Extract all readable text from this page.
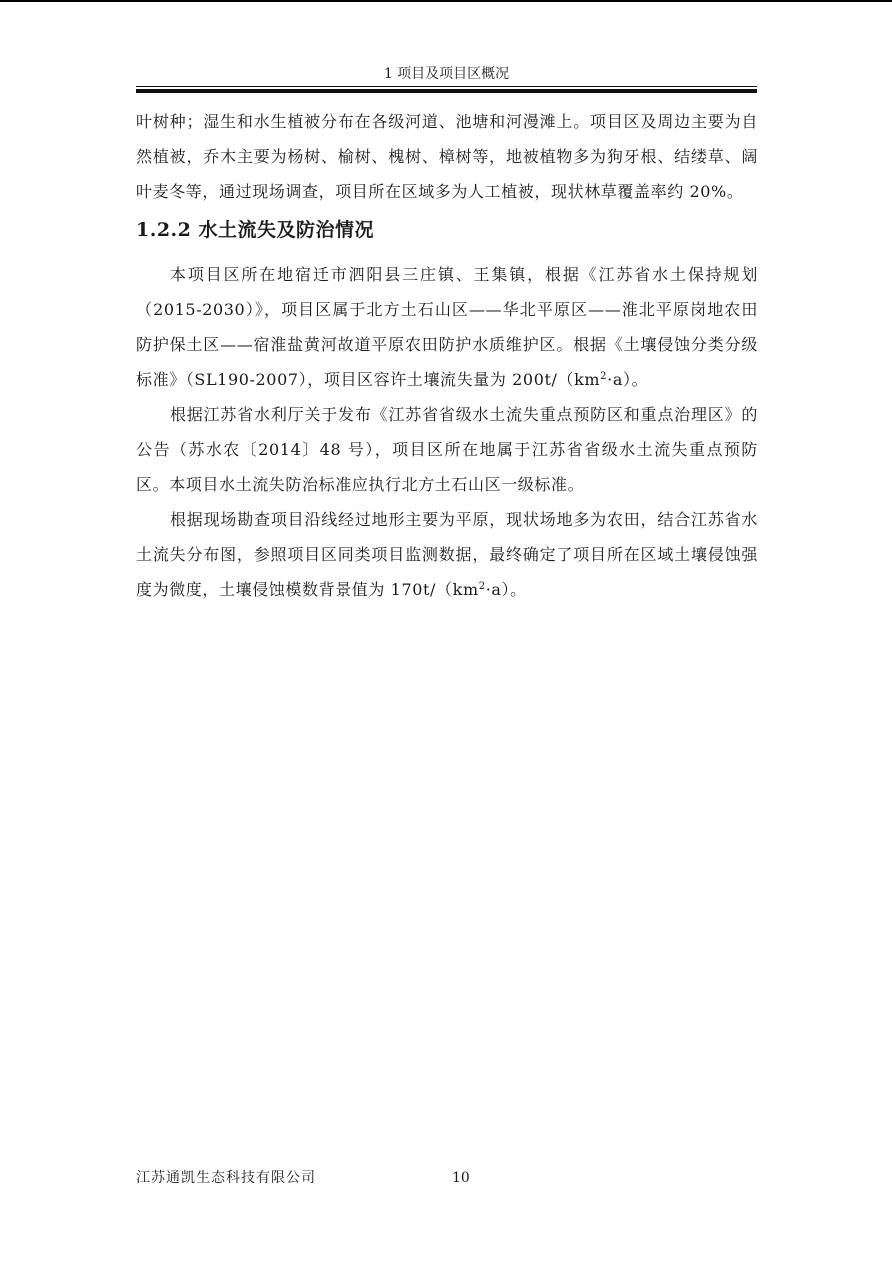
1 项目及项目区概况

叶树种；湿生和水生植被分布在各级河道、池塘和河漫滩上。项目区及周边主要为自然植被，乔木主要为杨树、榆树、槐树、樟树等，地被植物多为狗牙根、结缕草、阔叶麦冬等，通过现场调查，项目所在区域多为人工植被，现状林草覆盖率约 20%。

1.2.2 水土流失及防治情况

本项目区所在地宿迁市泗阳县三庄镇、王集镇，根据《江苏省水土保持规划（2015-2030）》，项目区属于北方土石山区——华北平原区——淮北平原岗地农田防护保土区——宿淮盐黄河故道平原农田防护水质维护区。根据《土壤侵蚀分类分级标准》（SL190-2007），项目区容许土壤流失量为 $200t/(km^2\cdot a)$。

根据江苏省水利厅关于发布《江苏省省级水土流失重点预防区和重点治理区》的公告（苏水农〔2014〕48 号），项目区所在地属于江苏省省级水土流失重点预防区。本项目水土流失防治标准应执行北方土石山区一级标准。

根据现场勘查项目沿线经过地形主要为平原，现状场地多为农田，结合江苏省水土流失分布图，参照项目区同类项目监测数据，最终确定了项目所在区域土壤侵蚀强度为微度，土壤侵蚀模数背景值为 $170t/(km^2\cdot a)$。

江苏通凯生态科技有限公司	10
